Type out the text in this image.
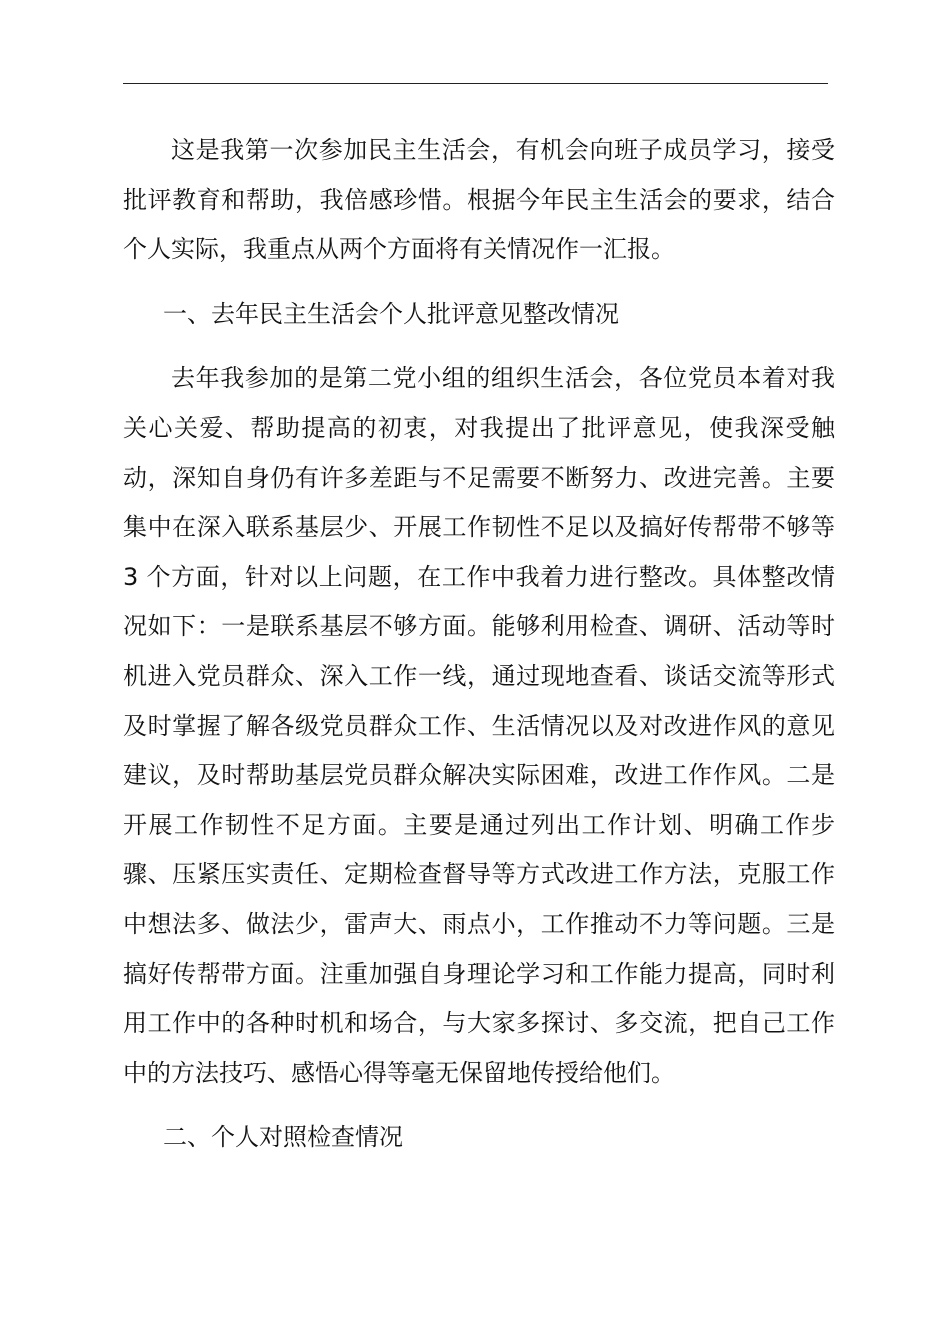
这是我第一次参加民主生活会，有机会向班子成员学习，接受批评教育和帮助，我倍感珍惜。根据今年民主生活会的要求，结合个人实际，我重点从两个方面将有关情况作一汇报。

一、去年民主生活会个人批评意见整改情况

去年我参加的是第二党小组的组织生活会，各位党员本着对我关心关爱、帮助提高的初衷，对我提出了批评意见，使我深受触动，深知自身仍有许多差距与不足需要不断努力、改进完善。主要集中在深入联系基层少、开展工作韧性不足以及搞好传帮带不够等 3 个方面，针对以上问题，在工作中我着力进行整改。具体整改情况如下：一是联系基层不够方面。能够利用检查、调研、活动等时机进入党员群众、深入工作一线，通过现地查看、谈话交流等形式及时掌握了解各级党员群众工作、生活情况以及对改进作风的意见建议，及时帮助基层党员群众解决实际困难，改进工作作风。二是开展工作韧性不足方面。主要是通过列出工作计划、明确工作步骤、压紧压实责任、定期检查督导等方式改进工作方法，克服工作中想法多、做法少，雷声大、雨点小，工作推动不力等问题。三是搞好传帮带方面。注重加强自身理论学习和工作能力提高，同时利用工作中的各种时机和场合，与大家多探讨、多交流，把自己工作中的方法技巧、感悟心得等毫无保留地传授给他们。

二、个人对照检查情况
